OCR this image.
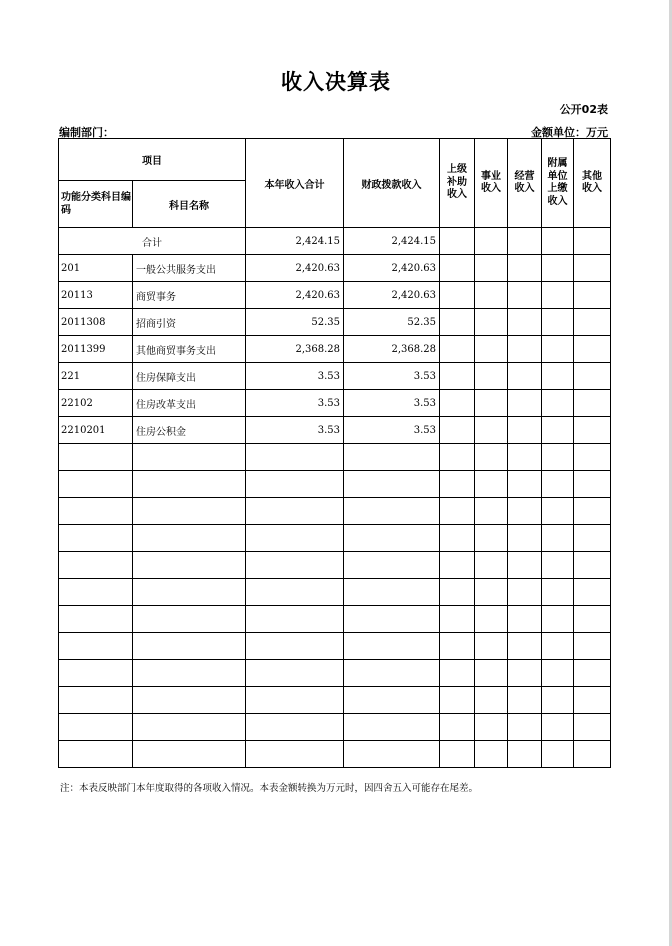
收入决算表
公开02表
编制部门：	金额单位：万元
项目		本年收入合计	财政拨款收入	上级补助收入	事业收入	经营收入	附属单位上缴收入	其他收入

功能分类科目编码	科目名称							
合计		2,424.15	2,424.15					
201	一般公共服务支出	2,420.63	2,420.63					
20113	商贸事务	2,420.63	2,420.63					
2011308	招商引资	52.35	52.35					
2011399	其他商贸事务支出	2,368.28	2,368.28					
221	住房保障支出	3.53	3.53					
22102	住房改革支出	3.53	3.53					
2210201	住房公积金	3.53	3.53					

注：本表反映部门本年度取得的各项收入情况。本表金额转换为万元时，因四舍五入可能存在尾差。
